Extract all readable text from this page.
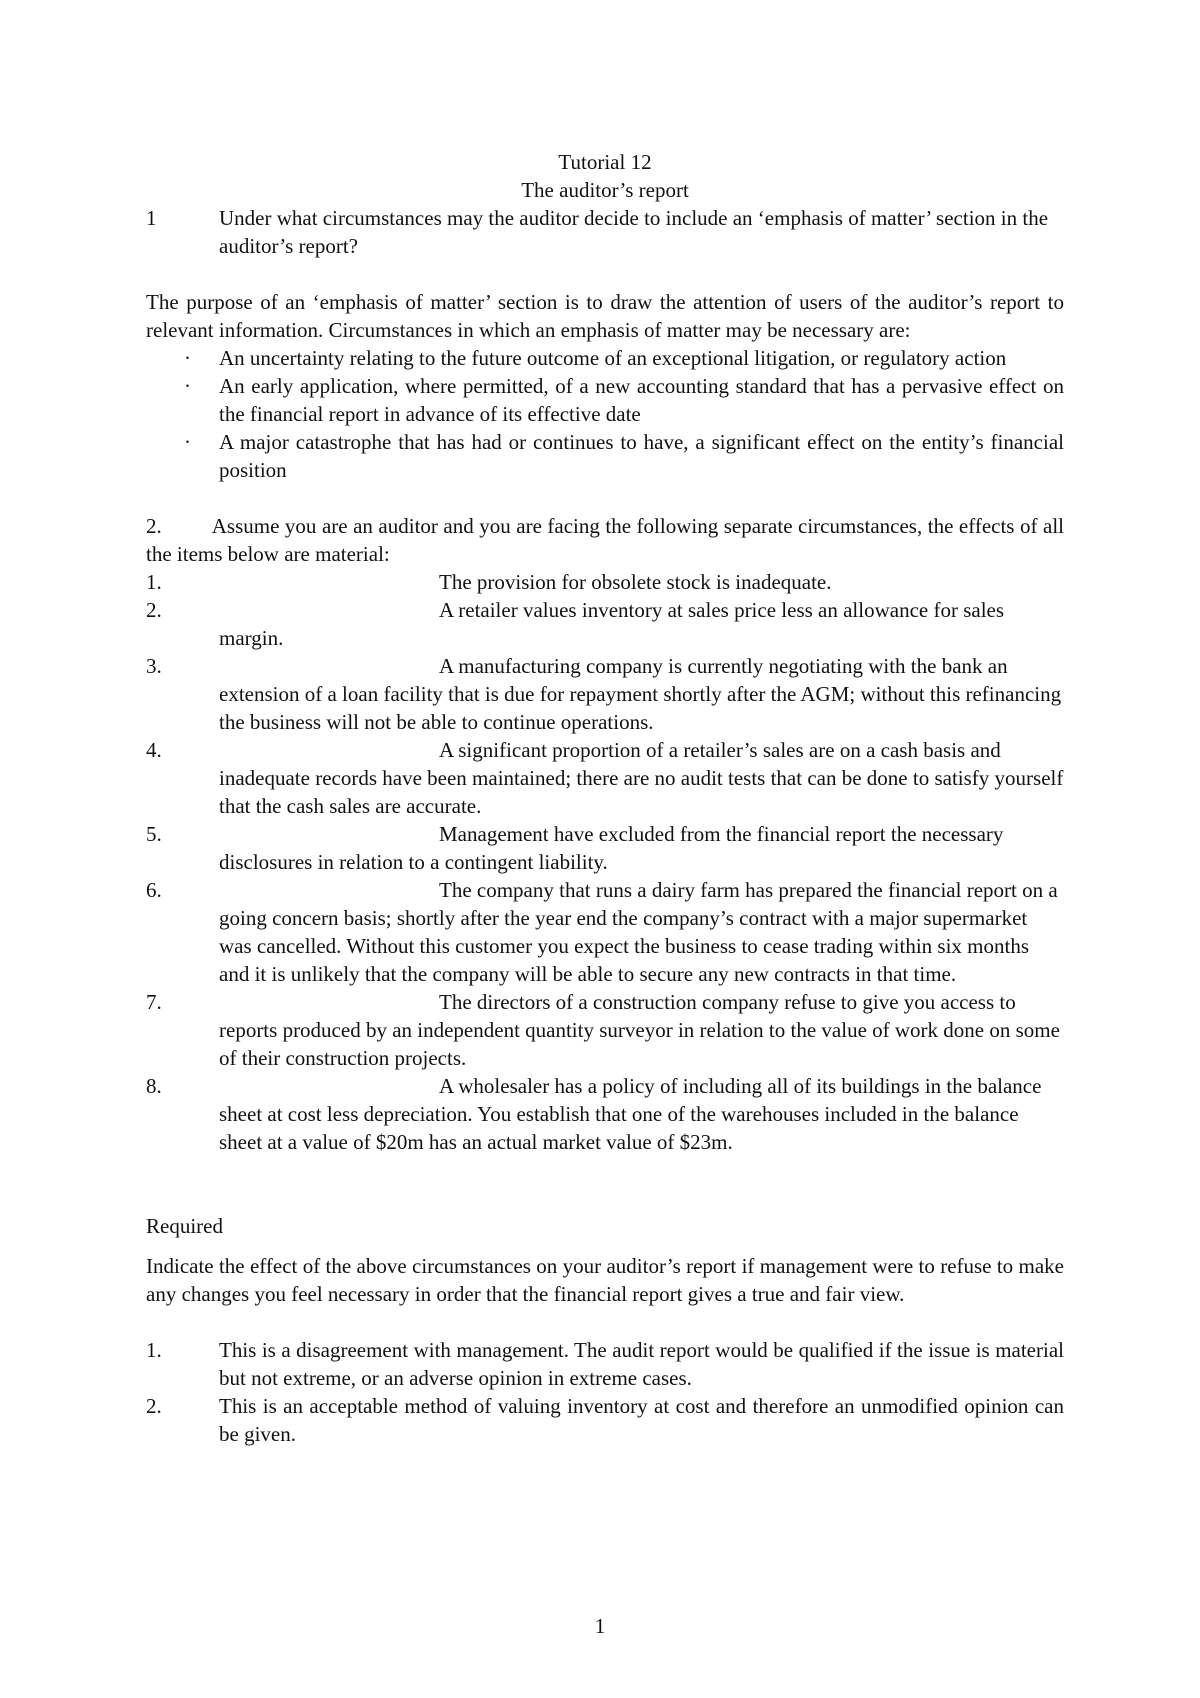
Tutorial 12
The auditor’s report
1	Under what circumstances may the auditor decide to include an ‘emphasis of matter’ section in the auditor’s report?
The purpose of an ‘emphasis of matter’ section is to draw the attention of users of the auditor’s report to relevant information. Circumstances in which an emphasis of matter may be necessary are:
·	An uncertainty relating to the future outcome of an exceptional litigation, or regulatory action
·	An early application, where permitted, of a new accounting standard that has a pervasive effect on the financial report in advance of its effective date
·	A major catastrophe that has had or continues to have, a significant effect on the entity’s financial position
2. Assume you are an auditor and you are facing the following separate circumstances, the effects of all the items below are material:
1.	The provision for obsolete stock is inadequate.
2.	A retailer values inventory at sales price less an allowance for sales margin.
3.	A manufacturing company is currently negotiating with the bank an extension of a loan facility that is due for repayment shortly after the AGM; without this refinancing the business will not be able to continue operations.
4.	A significant proportion of a retailer’s sales are on a cash basis and inadequate records have been maintained; there are no audit tests that can be done to satisfy yourself that the cash sales are accurate.
5.	Management have excluded from the financial report the necessary disclosures in relation to a contingent liability.
6.	The company that runs a dairy farm has prepared the financial report on a going concern basis; shortly after the year end the company’s contract with a major supermarket was cancelled. Without this customer you expect the business to cease trading within six months and it is unlikely that the company will be able to secure any new contracts in that time.
7.	The directors of a construction company refuse to give you access to reports produced by an independent quantity surveyor in relation to the value of work done on some of their construction projects.
8.	A wholesaler has a policy of including all of its buildings in the balance sheet at cost less depreciation. You establish that one of the warehouses included in the balance sheet at a value of $20m has an actual market value of $23m.
Required
Indicate the effect of the above circumstances on your auditor’s report if management were to refuse to make any changes you feel necessary in order that the financial report gives a true and fair view.
1.	This is a disagreement with management. The audit report would be qualified if the issue is material but not extreme, or an adverse opinion in extreme cases.
2.	This is an acceptable method of valuing inventory at cost and therefore an unmodified opinion can be given.
1
